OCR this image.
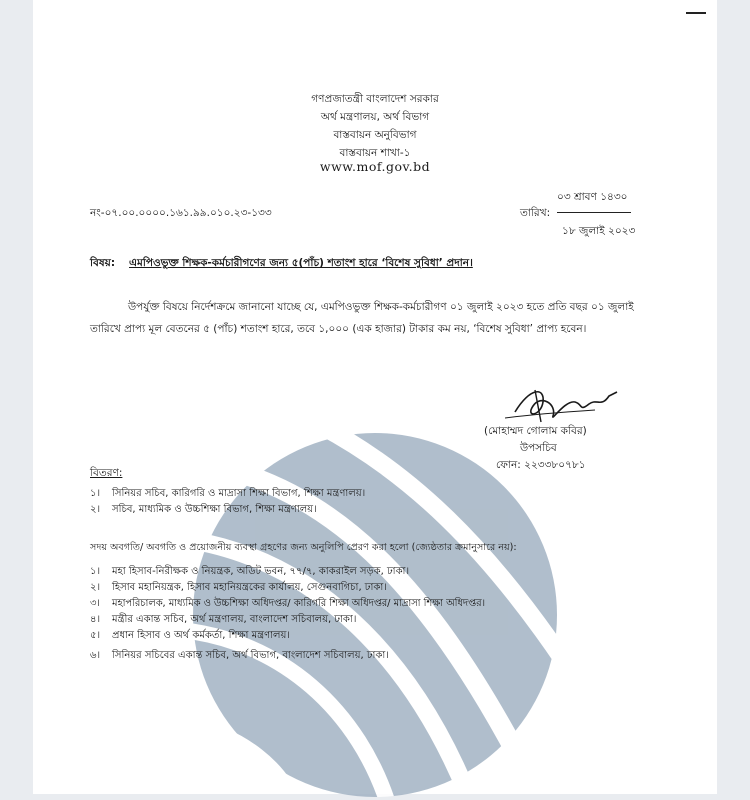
গণপ্রজাতন্ত্রী বাংলাদেশ সরকার
অর্থ মন্ত্রণালয়, অর্থ বিভাগ
বাস্তবায়ন অনুবিভাগ
বাস্তবায়ন শাখা-১
www.mof.gov.bd
নং-০৭.০০.০০০০.১৬১.৯৯.০১০.২৩-১৩৩
০৩ শ্রাবণ ১৪৩০
তারিখ:
১৮ জুলাই ২০২৩
বিষয়: এমপিওভুক্ত শিক্ষক-কর্মচারীগণের জন্য ৫(পাঁচ) শতাংশ হারে ‘বিশেষ সুবিধা’ প্রদান।
উপর্যুক্ত বিষয়ে নির্দেশক্রমে জানানো যাচ্ছে যে, এমপিওভুক্ত শিক্ষক-কর্মচারীগণ ০১ জুলাই ২০২৩ হতে প্রতি বছর ০১ জুলাই তারিখে প্রাপ্য মূল বেতনের ৫ (পাঁচ) শতাংশ হারে, তবে ১,০০০ (এক হাজার) টাকার কম নয়, ‘বিশেষ সুবিধা’ প্রাপ্য হবেন।
(মোহাম্মদ গোলাম কবির)
উপসচিব
ফোন: ২২৩৩৮০৭৮১
বিতরণ:
১। সিনিয়র সচিব, কারিগরি ও মাদ্রাসা শিক্ষা বিভাগ, শিক্ষা মন্ত্রণালয়।
২। সচিব, মাধ্যমিক ও উচ্চশিক্ষা বিভাগ, শিক্ষা মন্ত্রণালয়।
সদয় অবগতি/ অবগতি ও প্রয়োজনীয় ব্যবস্থা গ্রহণের জন্য অনুলিপি প্রেরণ করা হলো (জ্যেষ্ঠতার ক্রমানুসারে নয়):
১। মহা হিসাব-নিরীক্ষক ও নিয়ন্ত্রক, অডিট ভবন, ৭৭/৭, কাকরাইল সড়ক, ঢাকা।
২। হিসাব মহানিয়ন্ত্রক, হিসাব মহানিয়ন্ত্রকের কার্যালয়, সেগুনবাগিচা, ঢাকা।
৩। মহাপরিচালক, মাধ্যমিক ও উচ্চশিক্ষা অধিদপ্তর/ কারিগরি শিক্ষা অধিদপ্তর/ মাদ্রাসা শিক্ষা অধিদপ্তর।
৪। মন্ত্রীর একান্ত সচিব, অর্থ মন্ত্রণালয়, বাংলাদেশ সচিবালয়, ঢাকা।
৫। প্রধান হিসাব ও অর্থ কর্মকর্তা, শিক্ষা মন্ত্রণালয়।
৬। সিনিয়র সচিবের একান্ত সচিব, অর্থ বিভাগ, বাংলাদেশ সচিবালয়, ঢাকা।
